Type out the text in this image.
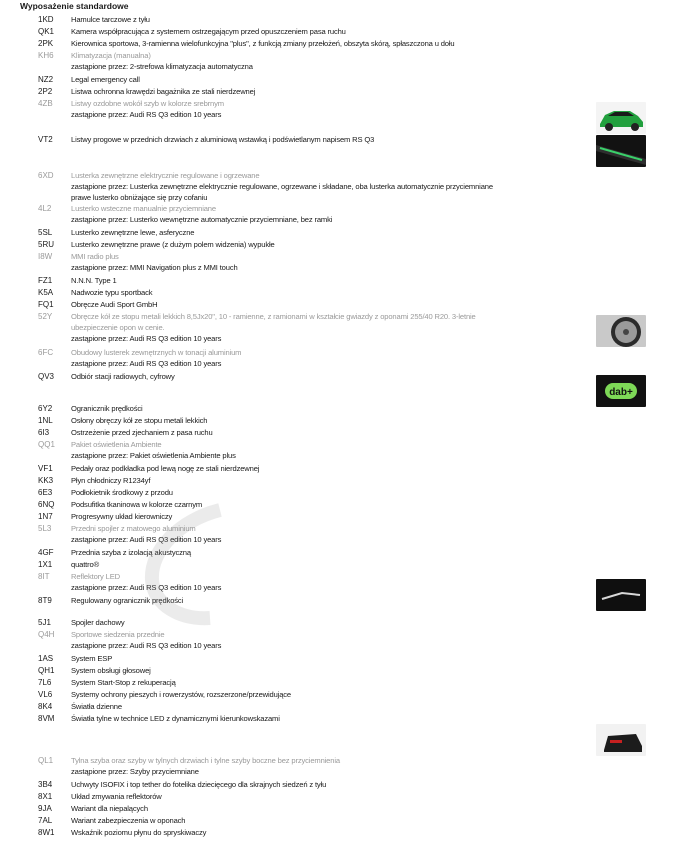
Wyposażenie standardowe
1KD	Hamulce tarczowe z tyłu
QK1	Kamera współpracująca z systemem ostrzegającym przed opuszczeniem pasa ruchu
2PK	Kierownica sportowa, 3-ramienna wielofunkcyjna "plus", z funkcją zmiany przełożeń, obszyta skórą, spłaszczona u dołu
KH6	Klimatyzacja (manualna)
zastąpione przez: 2-strefowa klimatyzacja automatyczna
NZ2	Legal emergency call
2P2	Listwa ochronna krawędzi bagażnika ze stali nierdzewnej
4ZB	Listwy ozdobne wokół szyb w kolorze srebrnym
zastąpione przez: Audi RS Q3 edition 10 years
VT2	Listwy progowe w przednich drzwiach z aluminiową wstawką i podświetlanym napisem RS Q3
6XD	Lusterka zewnętrzne elektrycznie regulowane i ogrzewane
zastąpione przez: Lusterka zewnętrzne elektrycznie regulowane, ogrzewane i składane, oba lusterka automatycznie przyciemniane
prawe lusterko obniżające się przy cofaniu
4L2	Lusterko wsteczne manualnie przyciemniane
zastąpione przez: Lusterko wewnętrzne automatycznie przyciemniane, bez ramki
5SL	Lusterko zewnętrzne lewe, asferyczne
5RU	Lusterko zewnętrzne prawe (z dużym polem widzenia) wypukłe
I8W	MMI radio plus
zastąpione przez: MMI Navigation plus z MMI touch
FZ1	N.N.N. Type 1
K5A	Nadwozie typu sportback
FQ1	Obręcze Audi Sport GmbH
52Y	Obręcze kół ze stopu metali lekkich 8,5Jx20", 10 - ramienne, z ramionami w kształcie gwiazdy z oponami 255/40 R20. 3-letnie
ubezpieczenie opon w cenie.
zastąpione przez: Audi RS Q3 edition 10 years
6FC	Obudowy lusterek zewnętrznych w tonacji aluminium
zastąpione przez: Audi RS Q3 edition 10 years
QV3	Odbiór stacji radiowych, cyfrowy
6Y2	Ogranicznik prędkości
1NL	Osłony obręczy kół ze stopu metali lekkich
6I3	Ostrzeżenie przed zjechaniem z pasa ruchu
QQ1	Pakiet oświetlenia Ambiente
zastąpione przez: Pakiet oświetlenia Ambiente plus
VF1	Pedały oraz podkładka pod lewą nogę ze stali nierdzewnej
KK3	Płyn chłodniczy R1234yf
6E3	Podłokietnik środkowy z przodu
6NQ	Podsufitka tkaninowa w kolorze czarnym
1N7	Progresywny układ kierowniczy
5L3	Przedni spojler z matowego aluminium
zastąpione przez: Audi RS Q3 edition 10 years
4GF	Przednia szyba z izolacją akustyczną
1X1	quattro®
8IT	Reflektory LED
zastąpione przez: Audi RS Q3 edition 10 years
8T9	Regulowany ogranicznik prędkości
5J1	Spojler dachowy
Q4H	Sportowe siedzenia przednie
zastąpione przez: Audi RS Q3 edition 10 years
1AS	System ESP
QH1	System obsługi głosowej
7L6	System Start-Stop z rekuperacją
VL6	Systemy ochrony pieszych i rowerzystów, rozszerzone/przewidujące
8K4	Światła dzienne
8VM	Światła tylne w technice LED z dynamicznymi kierunkowskazami
QL1	Tylna szyba oraz szyby w tylnych drzwiach i tylne szyby boczne bez przyciemnienia
zastąpione przez: Szyby przyciemniane
3B4	Uchwyty ISOFIX i top tether do fotelika dziecięcego dla skrajnych siedzeń z tyłu
8X1	Układ zmywania reflektorów
9JA	Wariant dla niepalących
7AL	Wariant zabezpieczenia w oponach
8W1	Wskaźnik poziomu płynu do spryskiwaczy
dab+
